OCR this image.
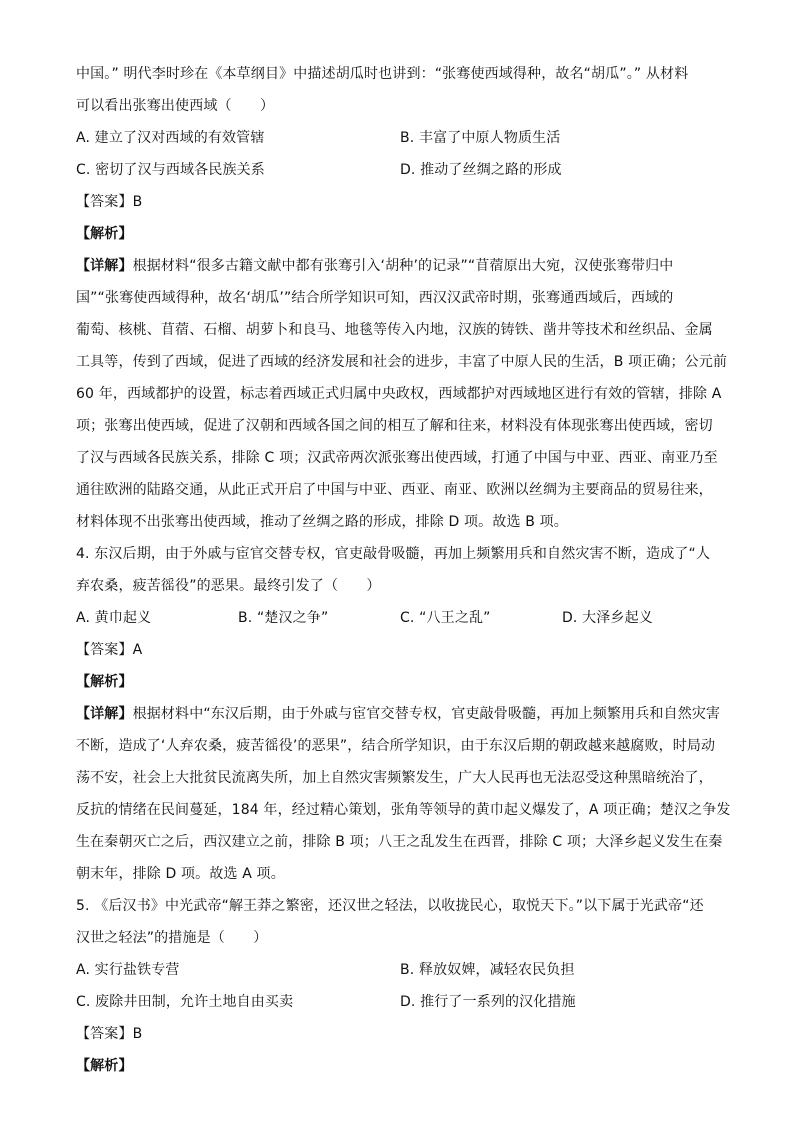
中国。” 明代李时珍在《本草纲目》中描述胡瓜时也讲到：“张骞使西域得种，故名“胡瓜”。” 从材料
可以看出张骞出使西域（　　）
A. 建立了汉对西域的有效管辖	B. 丰富了中原人物质生活
C. 密切了汉与西域各民族关系	D. 推动了丝绸之路的形成
【答案】B
【解析】
【详解】根据材料“很多古籍文献中都有张骞引入‘胡种’的记录”“苜蓿原出大宛，汉使张骞带归中
国”“张骞使西域得种，故名‘胡瓜’”结合所学知识可知，西汉汉武帝时期，张骞通西域后，西域的
葡萄、核桃、苜蓿、石榴、胡萝卜和良马、地毯等传入内地，汉族的铸铁、凿井等技术和丝织品、金属
工具等，传到了西域，促进了西域的经济发展和社会的进步，丰富了中原人民的生活，B 项正确；公元前
60 年，西域都护的设置，标志着西域正式归属中央政权，西域都护对西域地区进行有效的管辖，排除 A
项；张骞出使西域，促进了汉朝和西域各国之间的相互了解和往来，材料没有体现张骞出使西域，密切
了汉与西域各民族关系，排除 C 项；汉武帝两次派张骞出使西域，打通了中国与中亚、西亚、南亚乃至
通往欧洲的陆路交通，从此正式开启了中国与中亚、西亚、南亚、欧洲以丝绸为主要商品的贸易往来，
材料体现不出张骞出使西域，推动了丝绸之路的形成，排除 D 项。故选 B 项。
4. 东汉后期，由于外戚与宦官交替专权，官吏敲骨吸髓，再加上频繁用兵和自然灾害不断，造成了“人
弃农桑，疲苦徭役”的恶果。最终引发了（　　）
A. 黄巾起义	B. “楚汉之争”	C. “八王之乱”	D. 大泽乡起义
【答案】A
【解析】
【详解】根据材料中“东汉后期，由于外戚与宦官交替专权，官吏敲骨吸髓，再加上频繁用兵和自然灾害
不断，造成了‘人弃农桑，疲苦徭役’的恶果”，结合所学知识，由于东汉后期的朝政越来越腐败，时局动
荡不安，社会上大批贫民流离失所，加上自然灾害频繁发生，广大人民再也无法忍受这种黑暗统治了，
反抗的情绪在民间蔓延，184 年，经过精心策划，张角等领导的黄巾起义爆发了，A 项正确；楚汉之争发
生在秦朝灭亡之后，西汉建立之前，排除 B 项；八王之乱发生在西晋，排除 C 项；大泽乡起义发生在秦
朝末年，排除 D 项。故选 A 项。
5. 《后汉书》中光武帝“解王莽之繁密，还汉世之轻法，以收拢民心，取悦天下。”以下属于光武帝“还
汉世之轻法”的措施是（　　）
A. 实行盐铁专营	B. 释放奴婢，减轻农民负担
C. 废除井田制，允许土地自由买卖	D. 推行了一系列的汉化措施
【答案】B
【解析】
